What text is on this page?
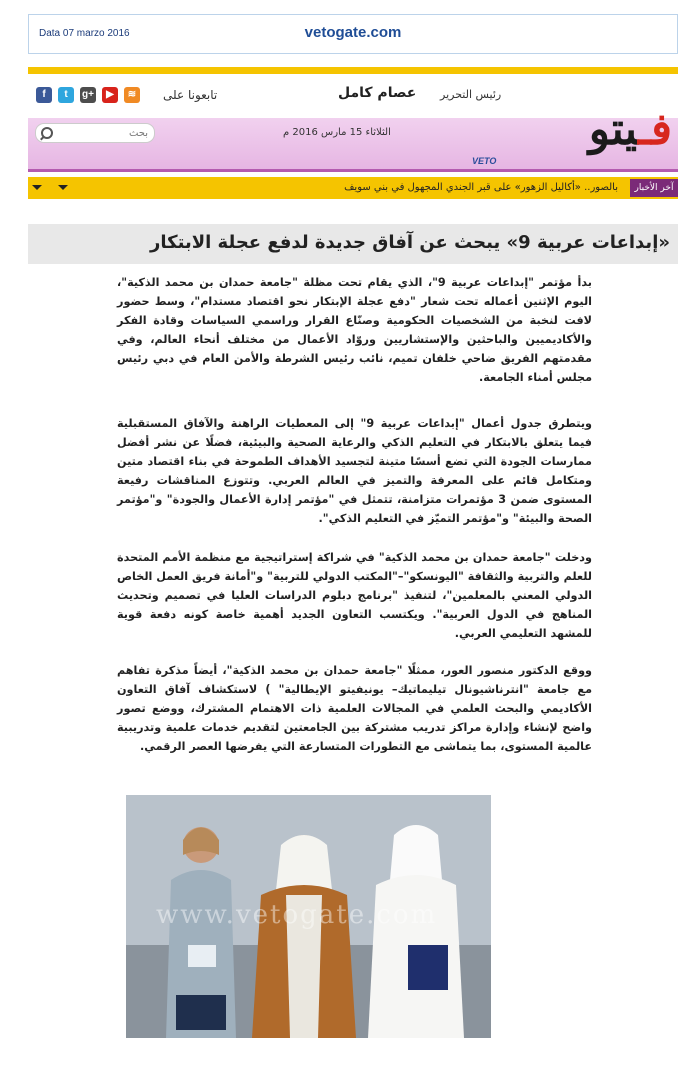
Data 07 marzo 2016	vetogate.com
f	t	g+	▶	≋	تابعونا على	عصام كامل رئيس التحرير
بحث
الثلاثاء 15 مارس 2016 م	فـيتو
VETO
بالصور.. «أكاليل الزهور» على قبر الجندي المجهول في بني سويف	آخر الأخبار
«إبداعات عربية 9» يبحث عن آفاق جديدة لدفع عجلة الابتكار

بدأ مؤتمر "إبداعات عربية 9"، الذي يقام تحت مظلة "جامعة حمدان بن محمد الذكية"، اليوم الإثنين أعماله تحت شعار "دفع عجلة الإبتكار نحو اقتصاد مستدام"، وسط حضور لافت لنخبة من الشخصيات الحكومية وصنّاع القرار وراسمي السياسات وقادة الفكر والأكاديميين والباحثين والإستشاريين وروّاد الأعمال من مختلف أنحاء العالم، وفي مقدمتهم الفريق ضاحي خلفان تميم، نائب رئيس الشرطة والأمن العام في دبي رئيس مجلس أمناء الجامعة.

ويتطرق جدول أعمال "إبداعات عربية 9" إلى المعطيات الراهنة والآفاق المستقبلية فيما يتعلق بالابتكار في التعليم الذكي والرعاية الصحية والبيئية، فضلًا عن نشر أفضل ممارسات الجودة التي تضع أسسًا متينة لتجسيد الأهداف الطموحة في بناء اقتصاد متين ومتكامل قائم على المعرفة والتميز في العالم العربي. وتتوزع المناقشات رفيعة المستوى ضمن 3 مؤتمرات متزامنة، تتمثل في "مؤتمر إدارة الأعمال والجودة" و"مؤتمر الصحة والبيئة" و"مؤتمر التميّز في التعليم الذكي".

ودخلت "جامعة حمدان بن محمد الذكية" في شراكة إستراتيجية مع منظمة الأمم المتحدة للعلم والتربية والثقافة "اليونسكو"–"المكتب الدولي للتربية" و"أمانة فريق العمل الخاص الدولي المعني بالمعلمين"، لتنفيذ "برنامج دبلوم الدراسات العليا في تصميم وتحديث المناهج في الدول العربية". ويكتسب التعاون الجديد أهمية خاصة كونه دفعة قوية للمشهد التعليمي العربي.

ووقع الدكتور منصور العور، ممثلًا "جامعة حمدان بن محمد الذكية"، أيضاً مذكرة تفاهم مع جامعة "انترناشيونال تيليماتيك– يونيفيتو الإيطالية" ) لاستكشاف آفاق التعاون الأكاديمي والبحث العلمي في المجالات العلمية ذات الاهتمام المشترك، ووضع تصور واضح لإنشاء وإدارة مراكز تدريب مشتركة بين الجامعتين لتقديم خدمات علمية وتدريبية عالمية المستوى، بما يتماشى مع التطورات المتسارعة التي يفرضها العصر الرقمي.

www.vetogate.com
